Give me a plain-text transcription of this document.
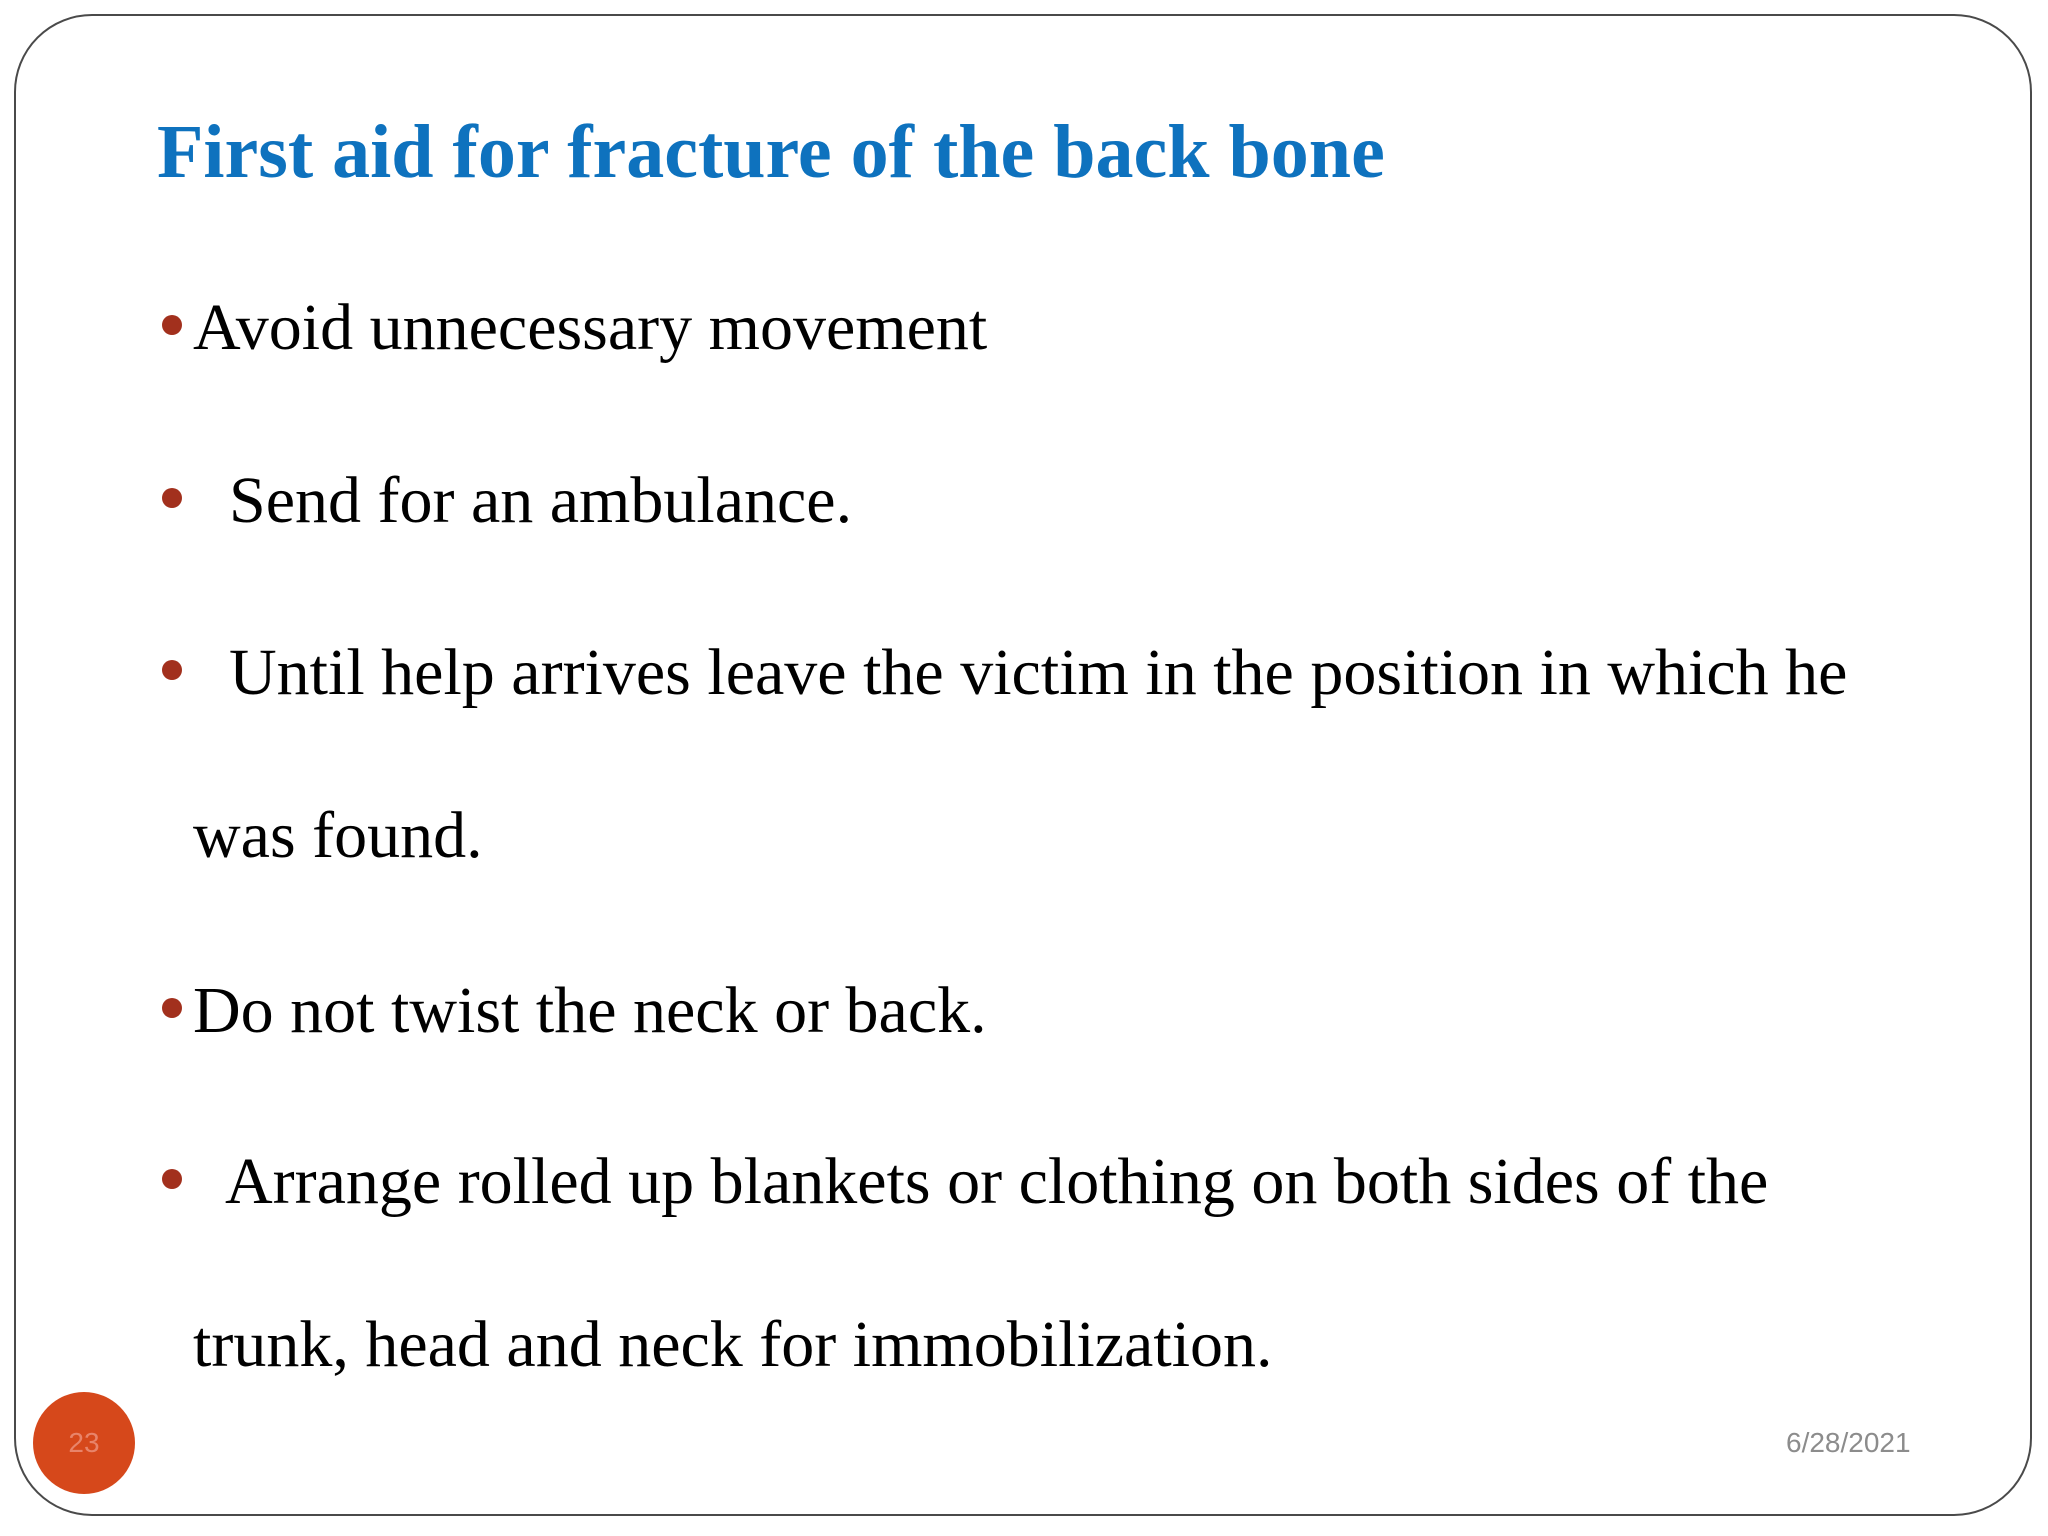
First aid for fracture of the back bone
Avoid unnecessary movement
Send for an ambulance.
Until help arrives leave the victim in the position in which he
was found.
Do not twist the neck or back.
Arrange rolled up blankets or clothing on both sides of the
trunk, head and neck for immobilization.
23	6/28/2021
